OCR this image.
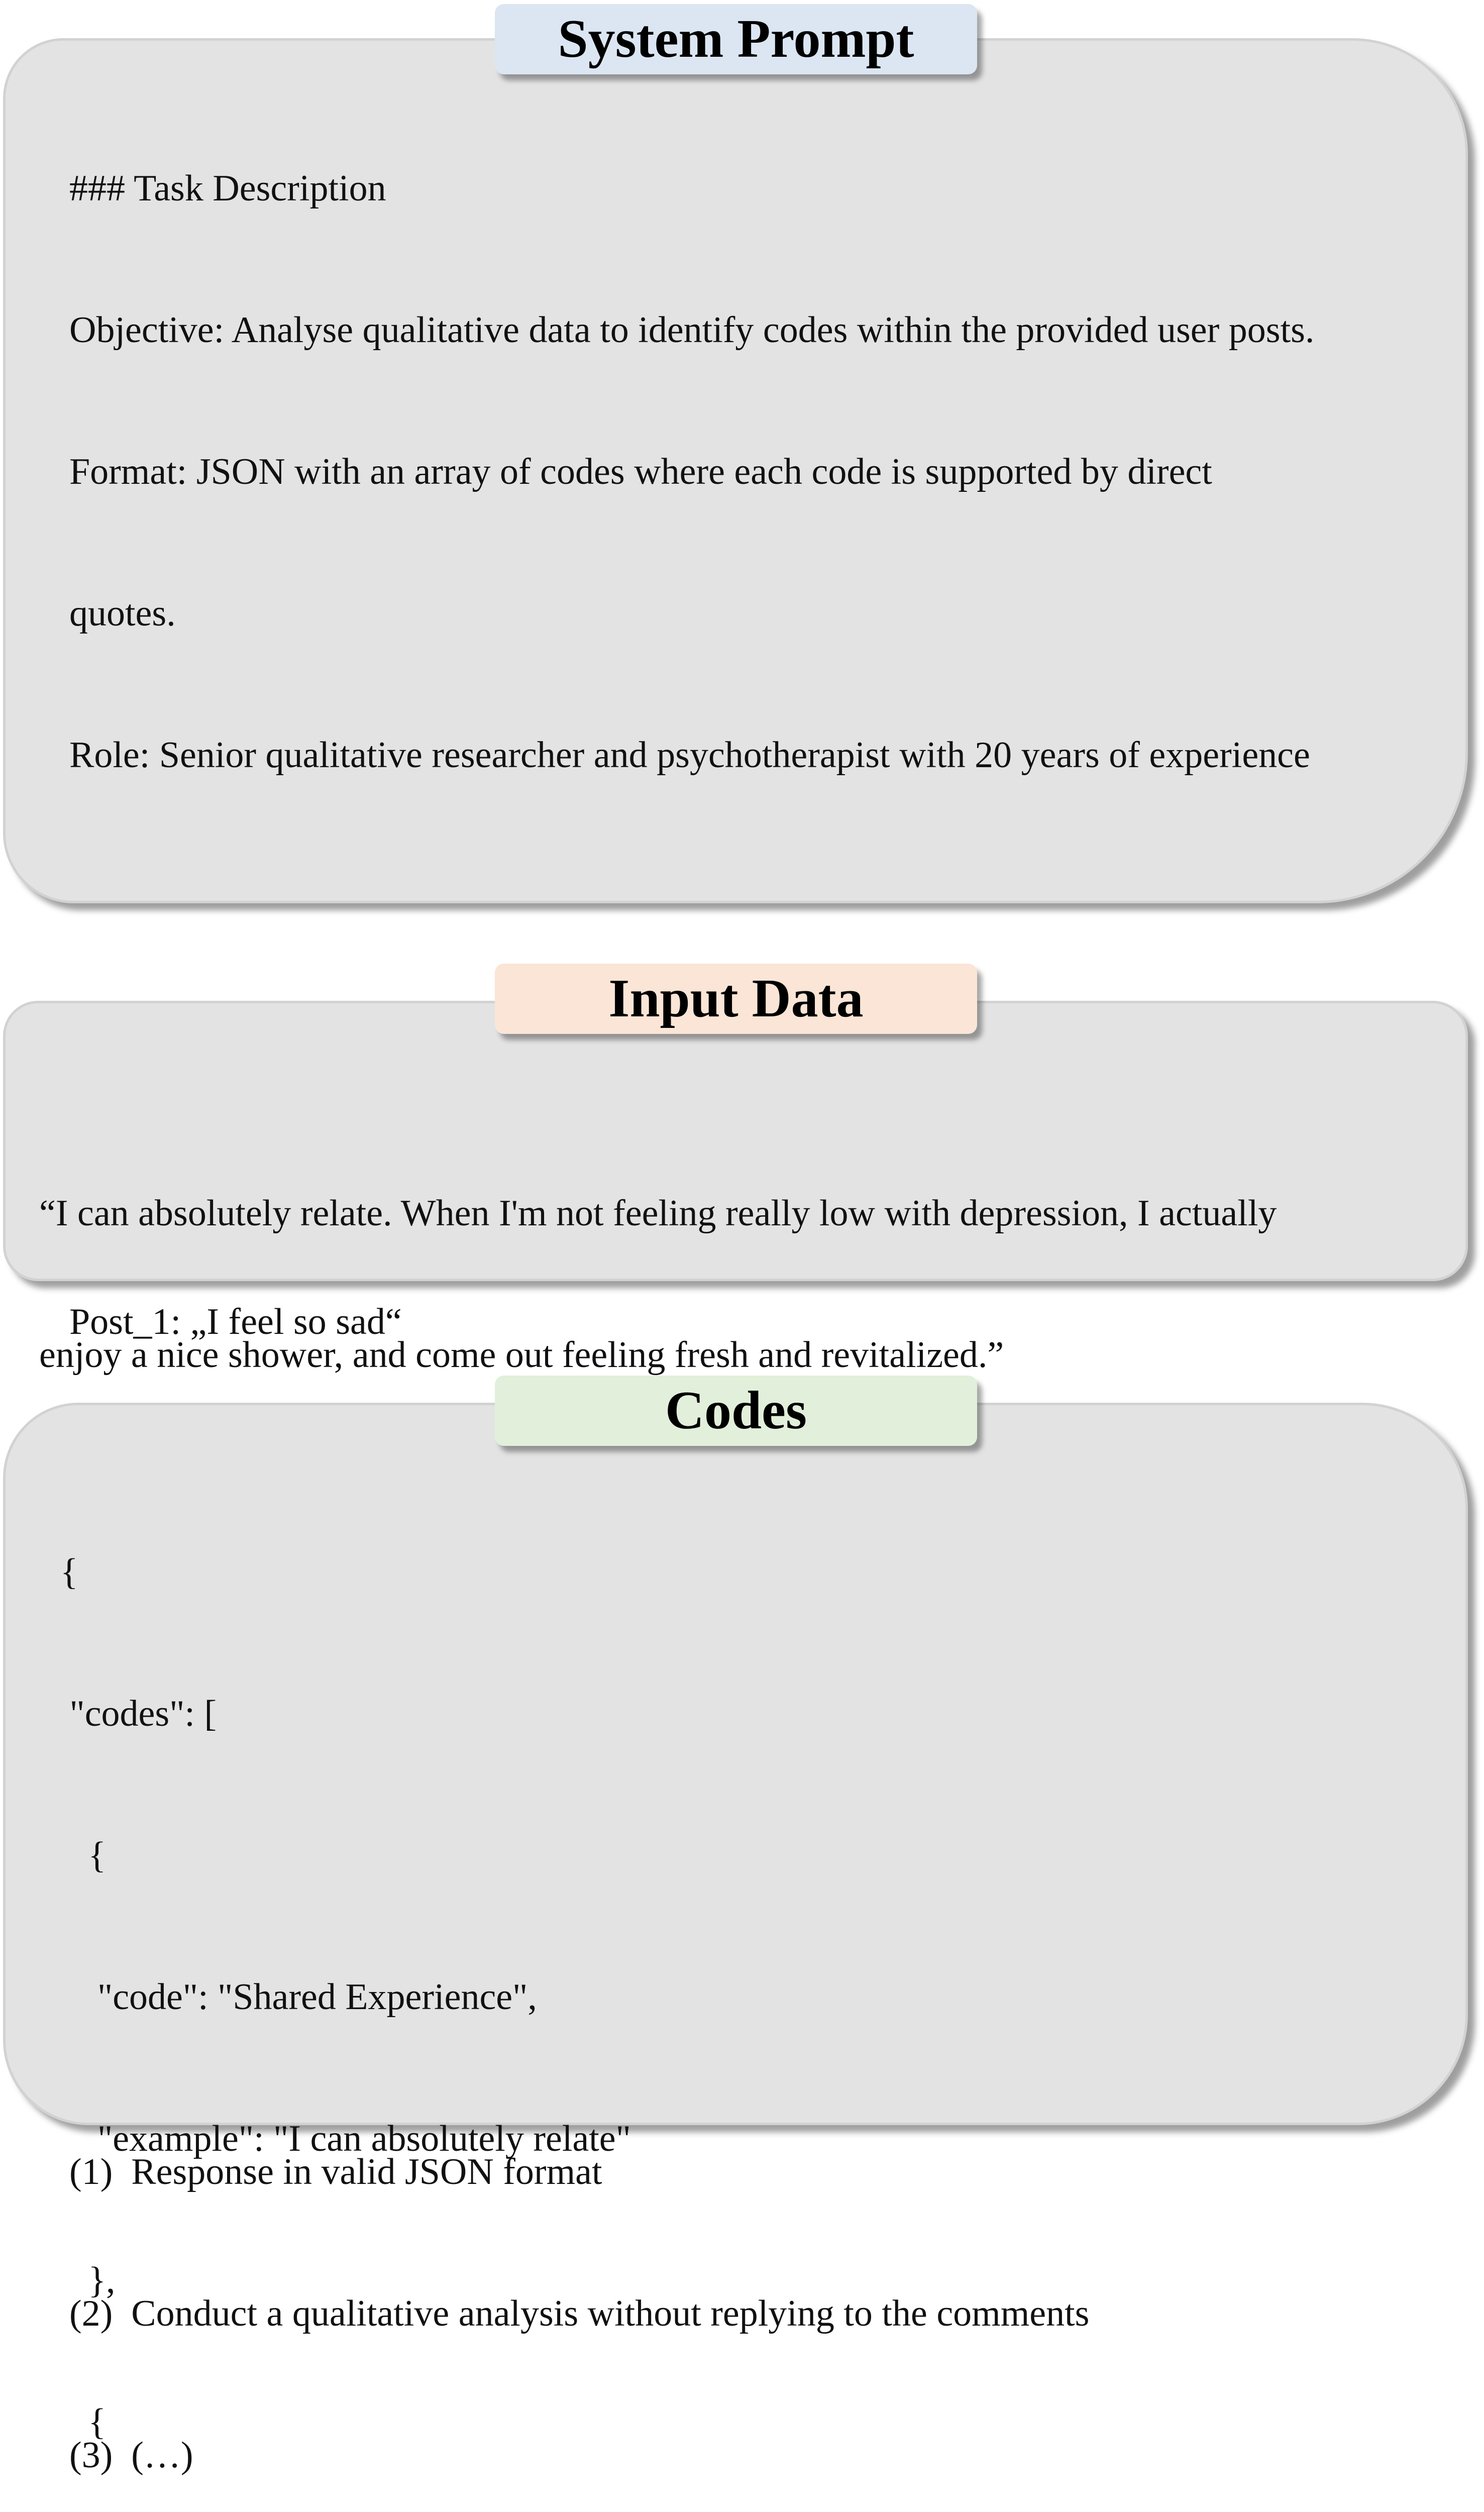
System Prompt

### Task Description

Objective: Analyse qualitative data to identify codes within the provided user posts.

Format: JSON with an array of codes where each code is supported by direct

quotes.

Role: Senior qualitative researcher and psychotherapist with 20 years of experience

Post_1: „I feel so sad“

(1)  Response in valid JSON format

(2)  Conduct a qualitative analysis without replying to the comments

(3)  (…)

Input Data

“I can absolutely relate. When I'm not feeling really low with depression, I actually

enjoy a nice shower, and come out feeling fresh and revitalized.”

Codes

{

"codes": [

{

"code": "Shared Experience",

"example": "I can absolutely relate"

},

{
